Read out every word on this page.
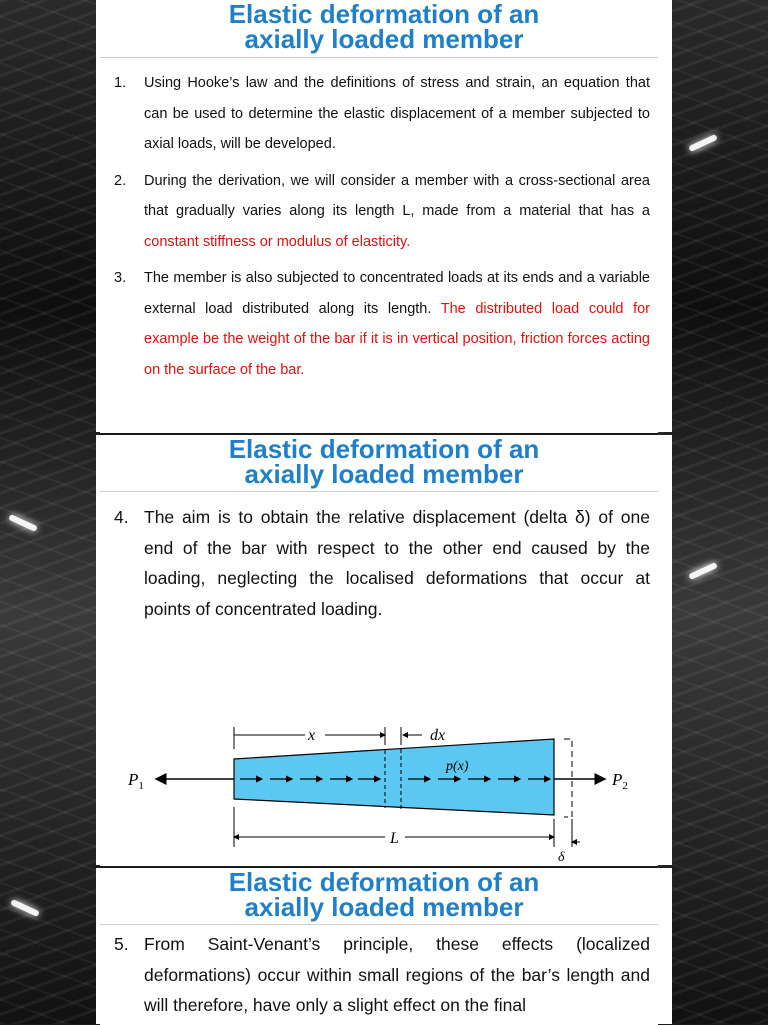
Elastic deformation of an
axially loaded member
1. Using Hooke’s law and the definitions of stress and strain, an equation that can be used to determine the elastic displacement of a member subjected to axial loads, will be developed.
2. During the derivation, we will consider a member with a cross-sectional area that gradually varies along its length L, made from a material that has a constant stiffness or modulus of elasticity.
3. The member is also subjected to concentrated loads at its ends and a variable external load distributed along its length. The distributed load could for example be the weight of the bar if it is in vertical position, friction forces acting on the surface of the bar.
Elastic deformation of an
axially loaded member
4. The aim is to obtain the relative displacement (delta δ) of one end of the bar with respect to the other end caused by the loading, neglecting the localised deformations that occur at points of concentrated loading.
$P_1$	$P_2$
x	dx
p(x)
L
δ
Elastic deformation of an
axially loaded member
5. From Saint-Venant’s principle, these effects (localized deformations) occur within small regions of the bar’s length and will therefore, have only a slight effect on the final
